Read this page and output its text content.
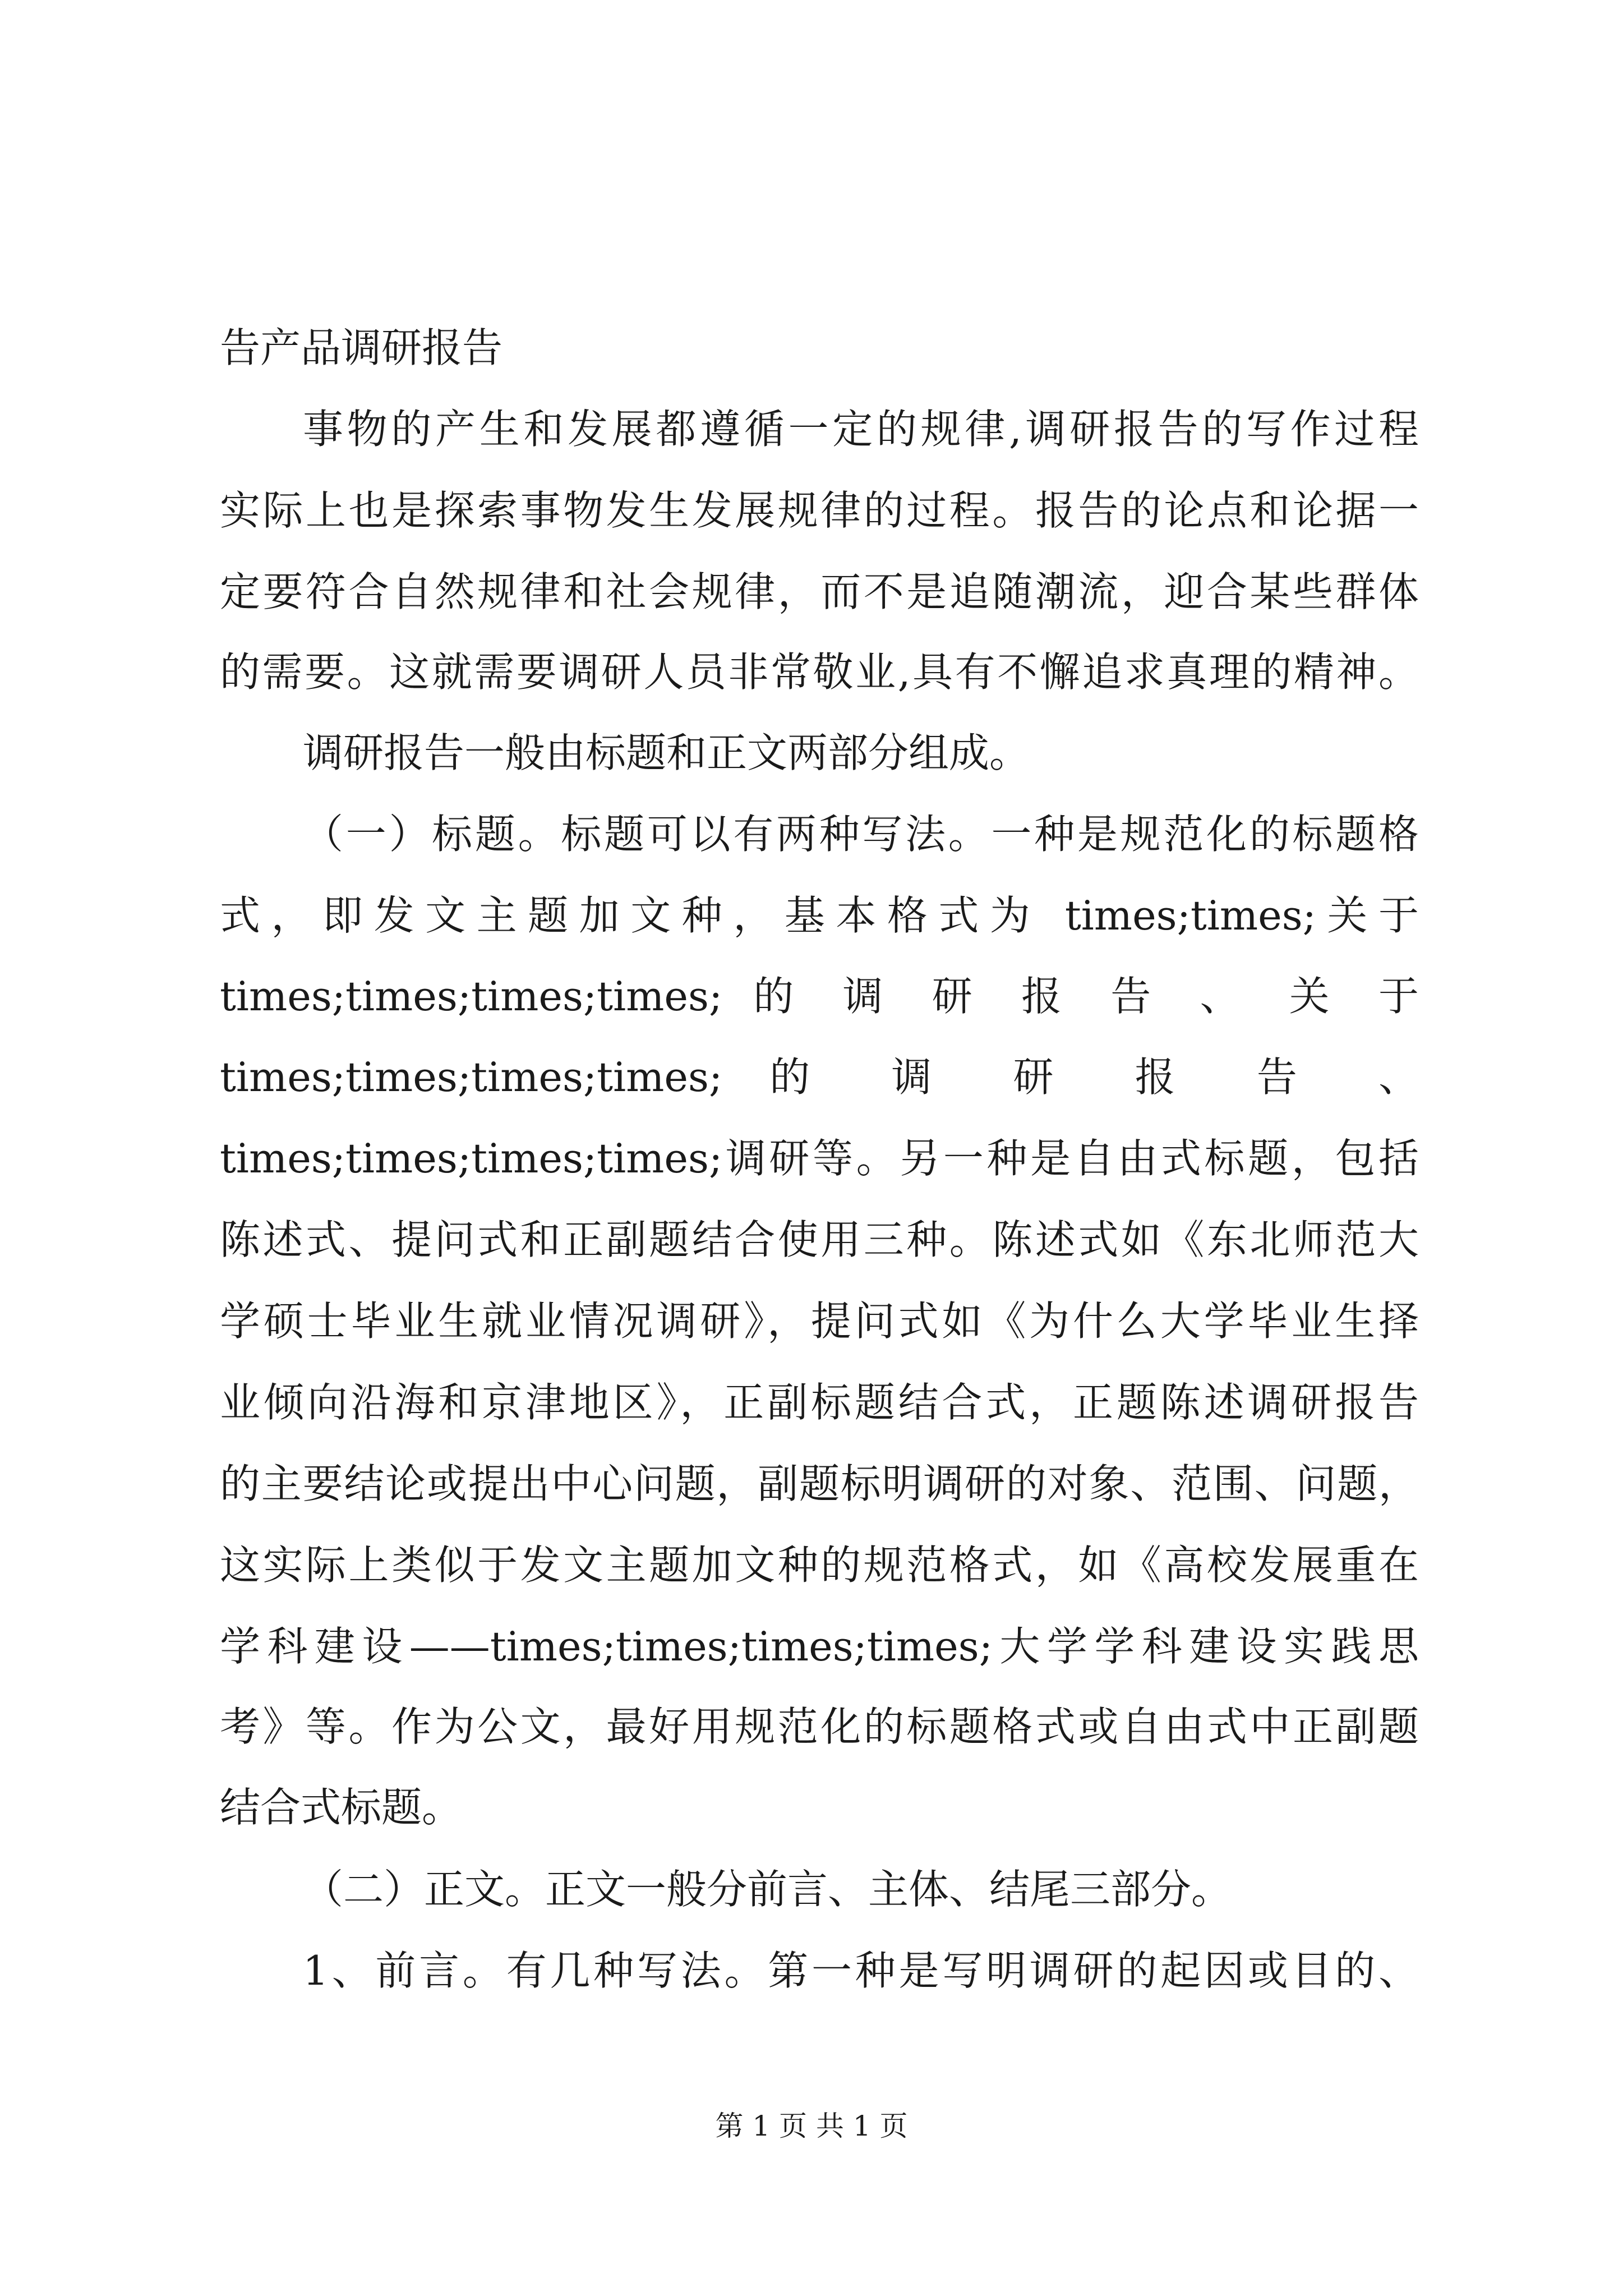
告产品调研报告
事物的产生和发展都遵循一定的规律,调研报告的写作过程
实际上也是探索事物发生发展规律的过程。报告的论点和论据一
定要符合自然规律和社会规律，而不是追随潮流，迎合某些群体
的需要。这就需要调研人员非常敬业,具有不懈追求真理的精神。
调研报告一般由标题和正文两部分组成。
（一）标题。标题可以有两种写法。一种是规范化的标题格
式，即发文主题加文种，基本格式为 times;times;关于
times;times;times;times; 的 调 研 报 告 、 关 于
times;times;times;times; 的 调 研 报 告 、
times;times;times;times;调研等。另一种是自由式标题，包括
陈述式、提问式和正副题结合使用三种。陈述式如《东北师范大
学硕士毕业生就业情况调研》，提问式如《为什么大学毕业生择
业倾向沿海和京津地区》，正副标题结合式，正题陈述调研报告
的主要结论或提出中心问题，副题标明调研的对象、范围、问题，
这实际上类似于发文主题加文种的规范格式，如《高校发展重在
学科建设——times;times;times;times;大学学科建设实践思
考》等。作为公文，最好用规范化的标题格式或自由式中正副题
结合式标题。
（二）正文。正文一般分前言、主体、结尾三部分。
1、前言。有几种写法。第一种是写明调研的起因或目的、
第 1 页 共 1 页
